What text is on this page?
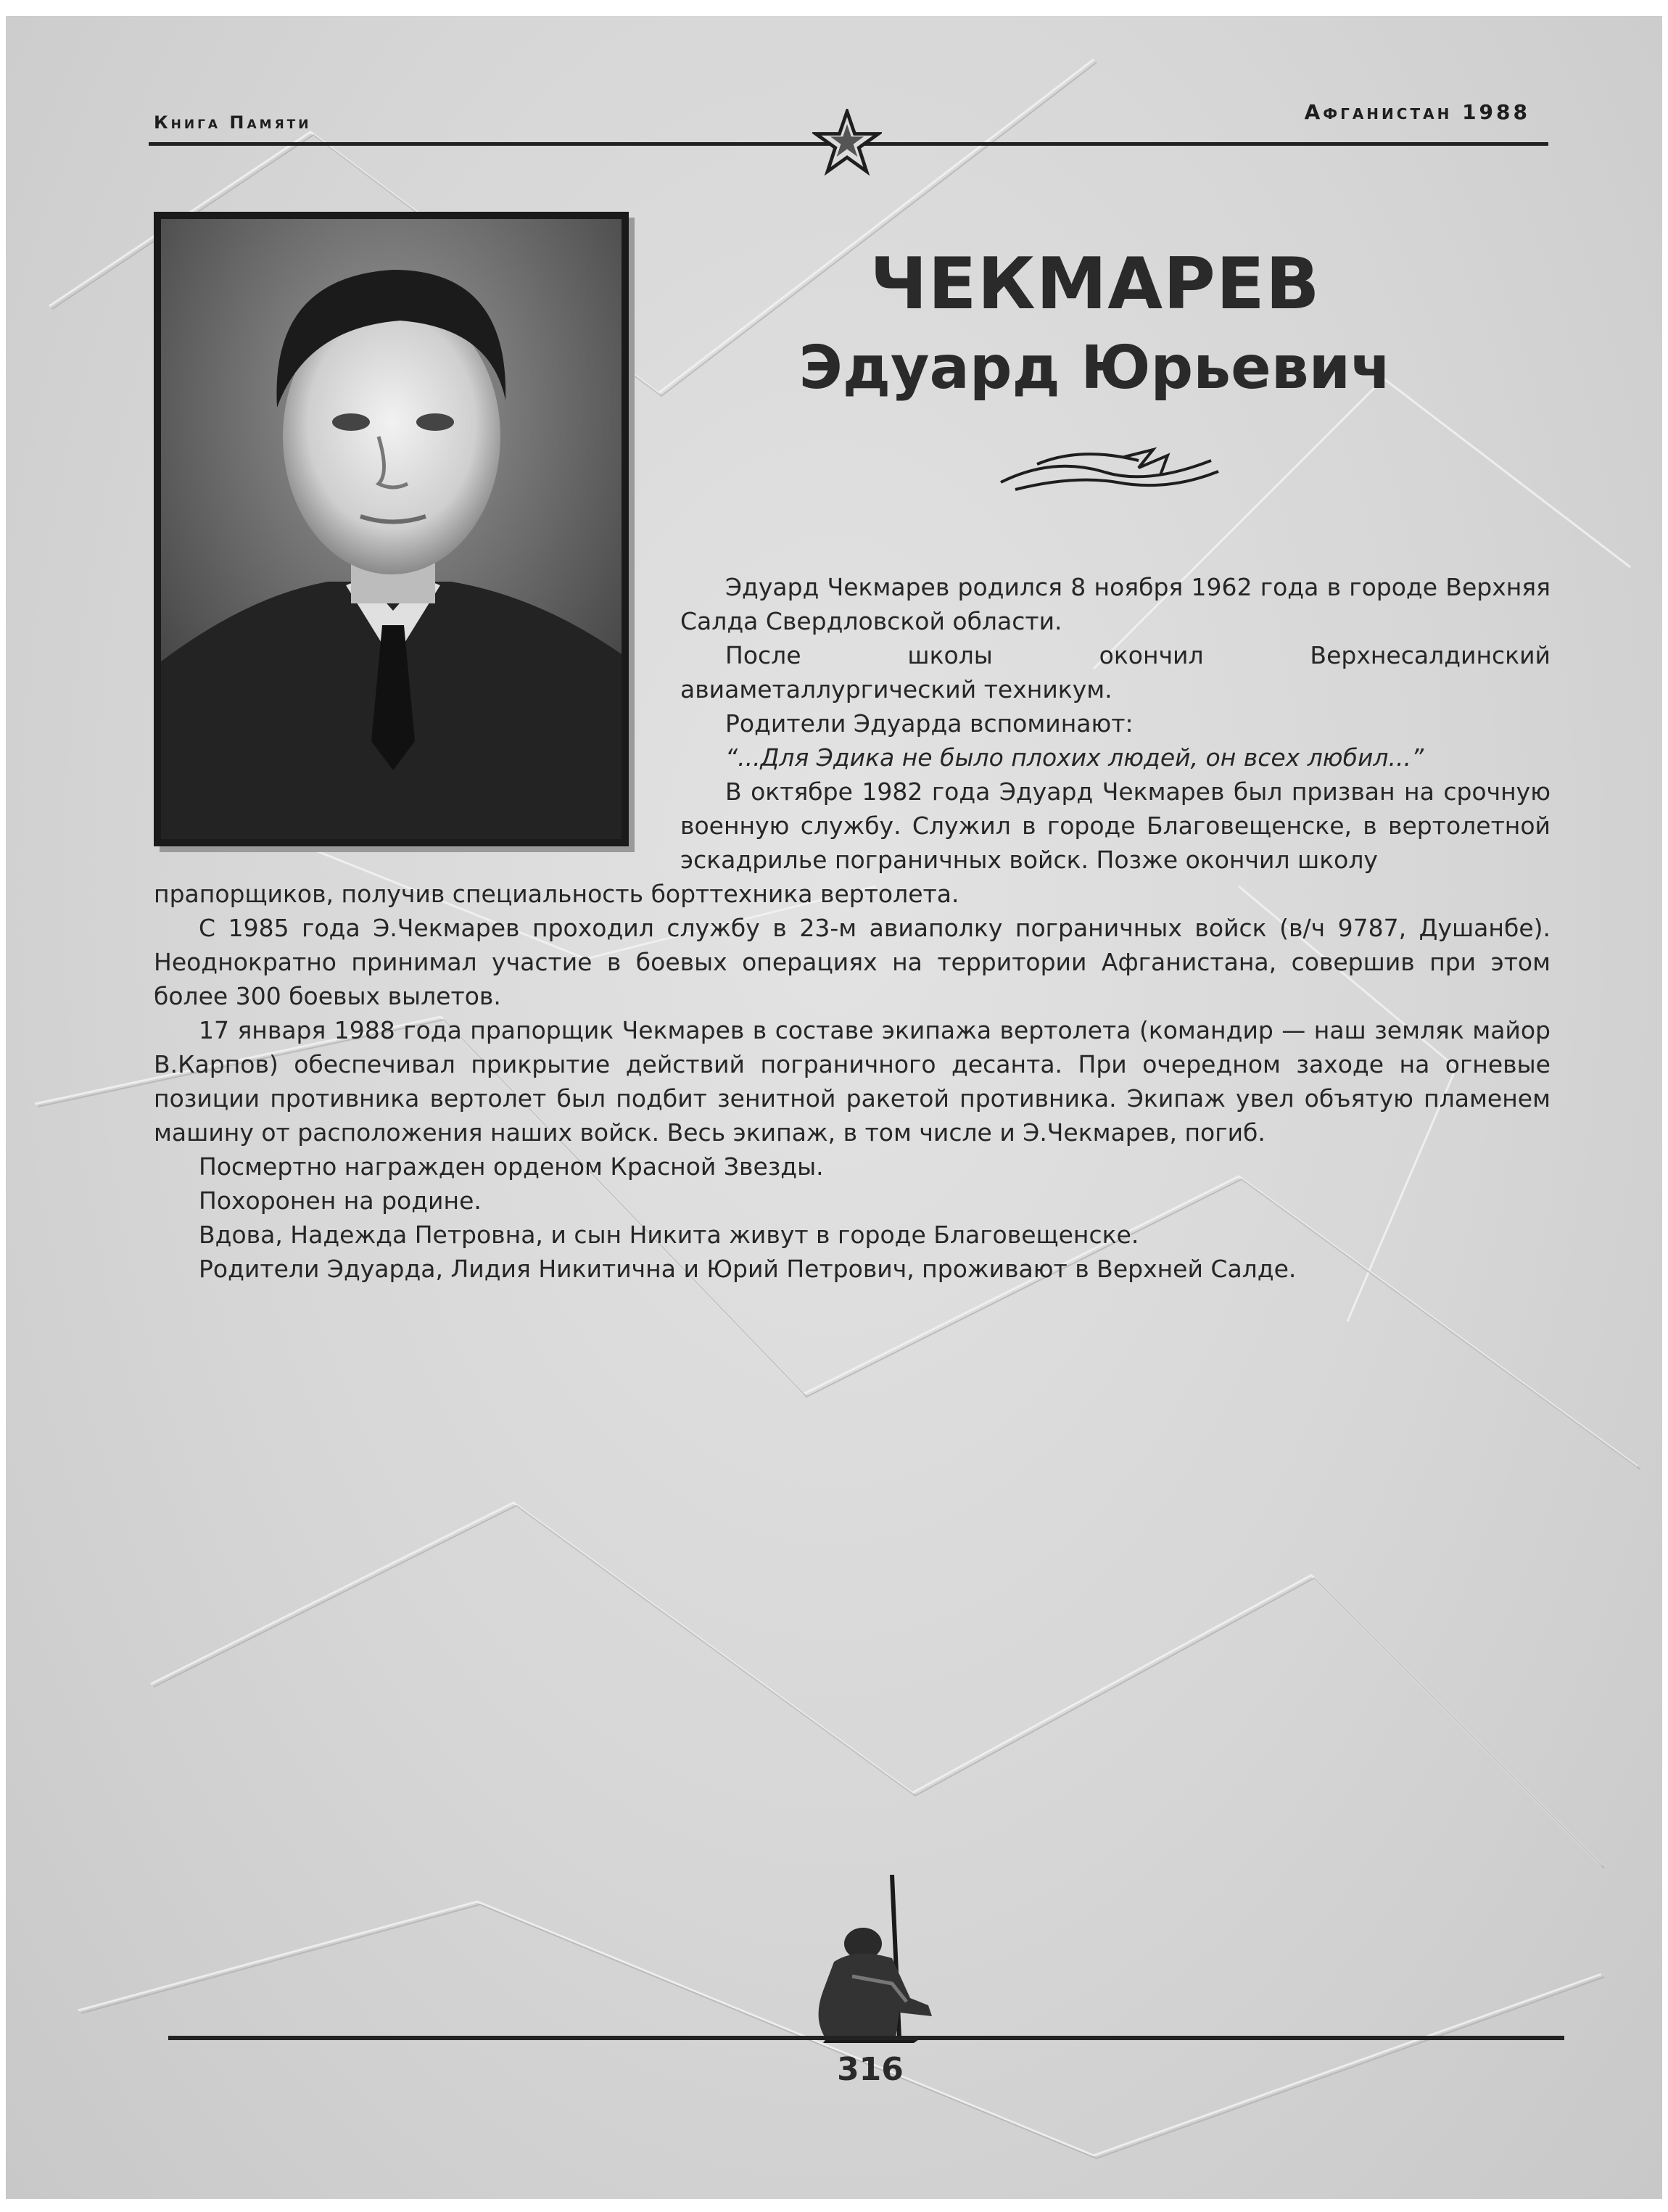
Книга Памяти	Афганистан 1988
ЧЕКМАРЕВ
Эдуард Юрьевич

Эдуард Чекмарев родился 8 ноября 1962 года в городе Верхняя Салда Свердловской области.

После школы окончил Верхнесалдинский авиаметаллургический техникум.

Родители Эдуарда вспоминают:

“...Для Эдика не было плохих людей, он всех любил...”

В октябре 1982 года Эдуард Чекмарев был призван на срочную военную службу. Служил в городе Благовещенске, в вертолетной эскадрилье пограничных войск. Позже окончил школу

прапорщиков, получив специальность борттехника вертолета.

С 1985 года Э.Чекмарев проходил службу в 23-м авиаполку пограничных войск (в/ч 9787, Душанбе). Неоднократно принимал участие в боевых операциях на территории Афганистана, совершив при этом более 300 боевых вылетов.

17 января 1988 года прапорщик Чекмарев в составе экипажа вертолета (командир — наш земляк майор В.Карпов) обеспечивал прикрытие действий пограничного десанта. При очередном заходе на огневые позиции противника вертолет был подбит зенитной ракетой противника. Экипаж увел объятую пламенем машину от расположения наших войск. Весь экипаж, в том числе и Э.Чекмарев, погиб.

Посмертно награжден орденом Красной Звезды.

Похоронен на родине.

Вдова, Надежда Петровна, и сын Никита живут в городе Благовещенске.

Родители Эдуарда, Лидия Никитична и Юрий Петрович, проживают в Верхней Салде.

316
